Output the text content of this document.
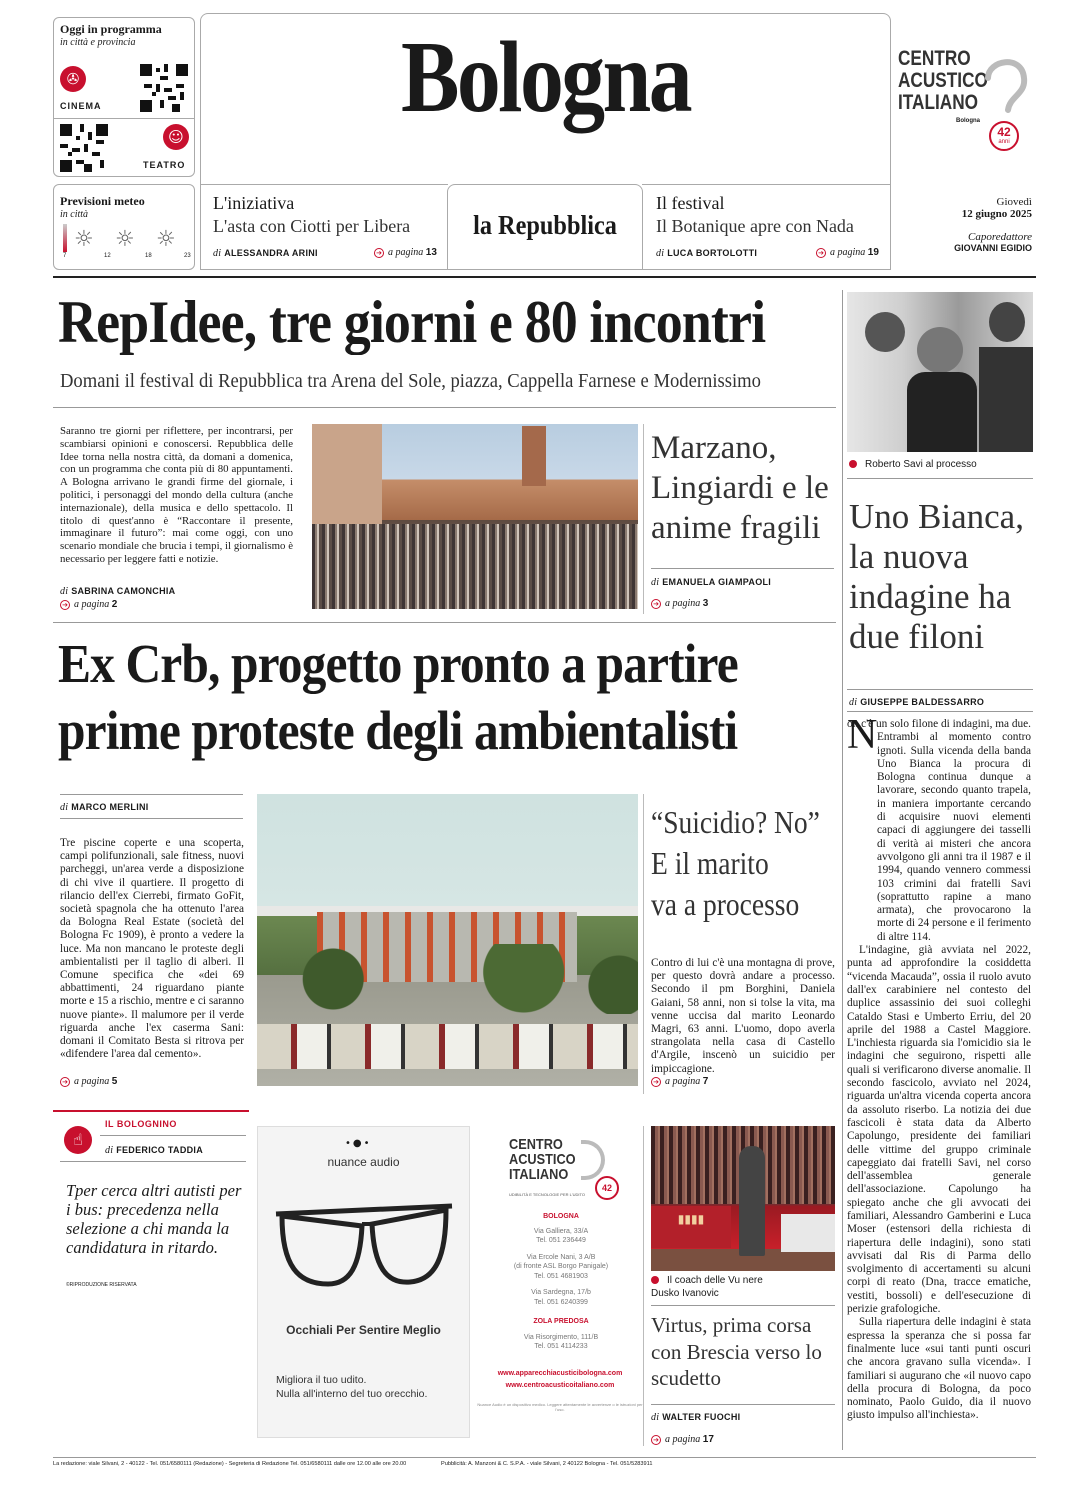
Oggi in programma
in città e provincia
✇
CINEMA
☺
TEATRO
Bologna	CENTRO
ACUSTICO
ITALIANO
Bologna
42
anni
Previsioni meteo
in città
☼ ☼ ☼
7	12	18	23
L'iniziativa
L'asta con Ciotti per Libera
di ALESSANDRA ARINI	➔ a pagina 13
la Repubblica
Il festival
Il Botanique apre con Nada
di LUCA BORTOLOTTI	➔ a pagina 19
Giovedì
12 giugno 2025
Caporedattore
GIOVANNI EGIDIO
RepIdee, tre giorni e 80 incontri
Domani il festival di Repubblica tra Arena del Sole, piazza, Cappella Farnese e Modernissimo
Saranno tre giorni per riflettere, per incontrarsi, per scambiarsi opinioni e conoscersi. Repubblica delle Idee torna nella nostra città, da domani a domenica, con un programma che conta più di 80 appuntamenti. A Bologna arrivano le grandi firme del giornale, i politici, i personaggi del mondo della cultura (anche internazionale), della musica e dello spettacolo. Il titolo di quest'anno è “Raccontare il presente, immaginare il futuro”: mai come oggi, con uno scenario mondiale che brucia i tempi, il giornalismo è necessario per leggere fatti e notizie.
di SABRINA CAMONCHIA
➔ a pagina 2
Marzano, Lingiardi e le anime fragili
di EMANUELA GIAMPAOLI
➔ a pagina 3
Roberto Savi al processo
Uno Bianca, la nuova indagine ha due filoni
di GIUSEPPE BALDESSARRO
N
on c'è un solo filone di indagini, ma due. Entrambi al momento contro ignoti. Sulla vicenda della banda Uno Bianca la procura di Bologna continua dunque a lavorare, secondo quanto trapela, in maniera importante cercando di acquisire nuovi elementi capaci di aggiungere dei tasselli di verità ai misteri che ancora avvolgono gli anni tra il 1987 e il 1994, quando vennero commessi 103 crimini dai fratelli Savi (soprattutto rapine a mano armata), che provocarono la morte di 24 persone e il ferimento di altre 114.
L'indagine, già avviata nel 2022, punta ad approfondire la cosiddetta “vicenda Macauda”, ossia il ruolo avuto dall'ex carabiniere nel contesto del duplice assassinio dei suoi colleghi Cataldo Stasi e Umberto Erriu, del 20 aprile del 1988 a Castel Maggiore. L'inchiesta riguarda sia l'omicidio sia le indagini che seguirono, rispetti alle quali si verificarono diverse anomalie. Il secondo fascicolo, avviato nel 2024, riguarda un'altra vicenda coperta ancora da assoluto riserbo. La notizia dei due fascicoli è stata data da Alberto Capolungo, presidente dei familiari delle vittime del gruppo criminale capeggiato dai fratelli Savi, nel corso dell'assemblea generale dell'associazione. Capolungo ha spiegato anche che gli avvocati dei familiari, Alessandro Gamberini e Luca Moser (estensori della richiesta di riapertura delle indagini), sono stati avvisati dal Ris di Parma dello svolgimento di accertamenti su alcuni corpi di reato (Dna, tracce ematiche, vestiti, bossoli) e dell'esecuzione di perizie grafologiche.
Sulla riapertura delle indagini è stata espressa la speranza che si possa far finalmente luce «sui tanti punti oscuri che ancora gravano sulla vicenda». I familiari si augurano che «il nuovo capo della procura di Bologna, da poco nominato, Paolo Guido, dia il nuovo giusto impulso all'inchiesta».
Ex Crb, progetto pronto a partire
prime proteste degli ambientalisti
di MARCO MERLINI
Tre piscine coperte e una scoperta, campi polifunzionali, sale fitness, nuovi parcheggi, un'area verde a disposizione di chi vive il quartiere. Il progetto di rilancio dell'ex Cierrebi, firmato GoFit, società spagnola che ha ottenuto l'area da Bologna Real Estate (società del Bologna Fc 1909), è pronto a vedere la luce. Ma non mancano le proteste degli ambientalisti per il taglio di alberi. Il Comune specifica che «dei 69 abbattimenti, 24 riguardano piante morte e 15 a rischio, mentre e ci saranno nuove piante». Il malumore per il verde riguarda anche l'ex caserma Sani: domani il Comitato Besta si ritrova per «difendere l'area dal cemento».
➔ a pagina 5
“Suicidio? No”
E il marito
va a processo
Contro di lui c'è una montagna di prove, per questo dovrà andare a processo. Secondo il pm Borghini, Daniela Gaiani, 58 anni, non si tolse la vita, ma venne uccisa dal marito Leonardo Magri, 63 anni. L'uomo, dopo averla strangolata nella casa di Castello d'Argile, inscenò un suicidio per impiccagione.
➔ a pagina 7
☝
IL BOLOGNINO
di FEDERICO TADDIA
Tper cerca altri autisti per i bus: precedenza nella selezione a chi manda la candidatura in ritardo.
©RIPRODUZIONE RISERVATA
•●•
nuance audio
Occhiali Per Sentire Meglio
Migliora il tuo udito.
Nulla all'interno del tuo orecchio.
CENTRO
ACUSTICO
ITALIANO
42
UDIBILITÀ E TECNOLOGIE PER L'UDITO
BOLOGNA
Via Galliera, 33/A
Tel. 051 236449
Via Ercole Nani, 3 A/B
(di fronte ASL Borgo Panigale)
Tel. 051 4681903
Via Sardegna, 17/b
Tel. 051 6240399
ZOLA PREDOSA
Via Risorgimento, 111/B
Tel. 051 4114233
www.apparecchiacusticibologna.com
www.centroacusticoitaliano.com
Nuance Audio è un dispositivo medico. Leggere attentamente le avvertenze o le istruzioni per l'uso.
▮▮▮▮
Il coach delle Vu nere
Dusko Ivanovic
Virtus, prima corsa con Brescia verso lo scudetto
di WALTER FUOCHI
➔ a pagina 17
La redazione: viale Silvani, 2 - 40122 - Tel. 051/6580111 (Redazione) - Segreteria di Redazione Tel. 051/6580111 dalle ore 12.00 alle ore 20.00	Pubblicità: A. Manzoni & C. S.P.A. - viale Silvani, 2 40122 Bologna - Tel. 051/5283911
